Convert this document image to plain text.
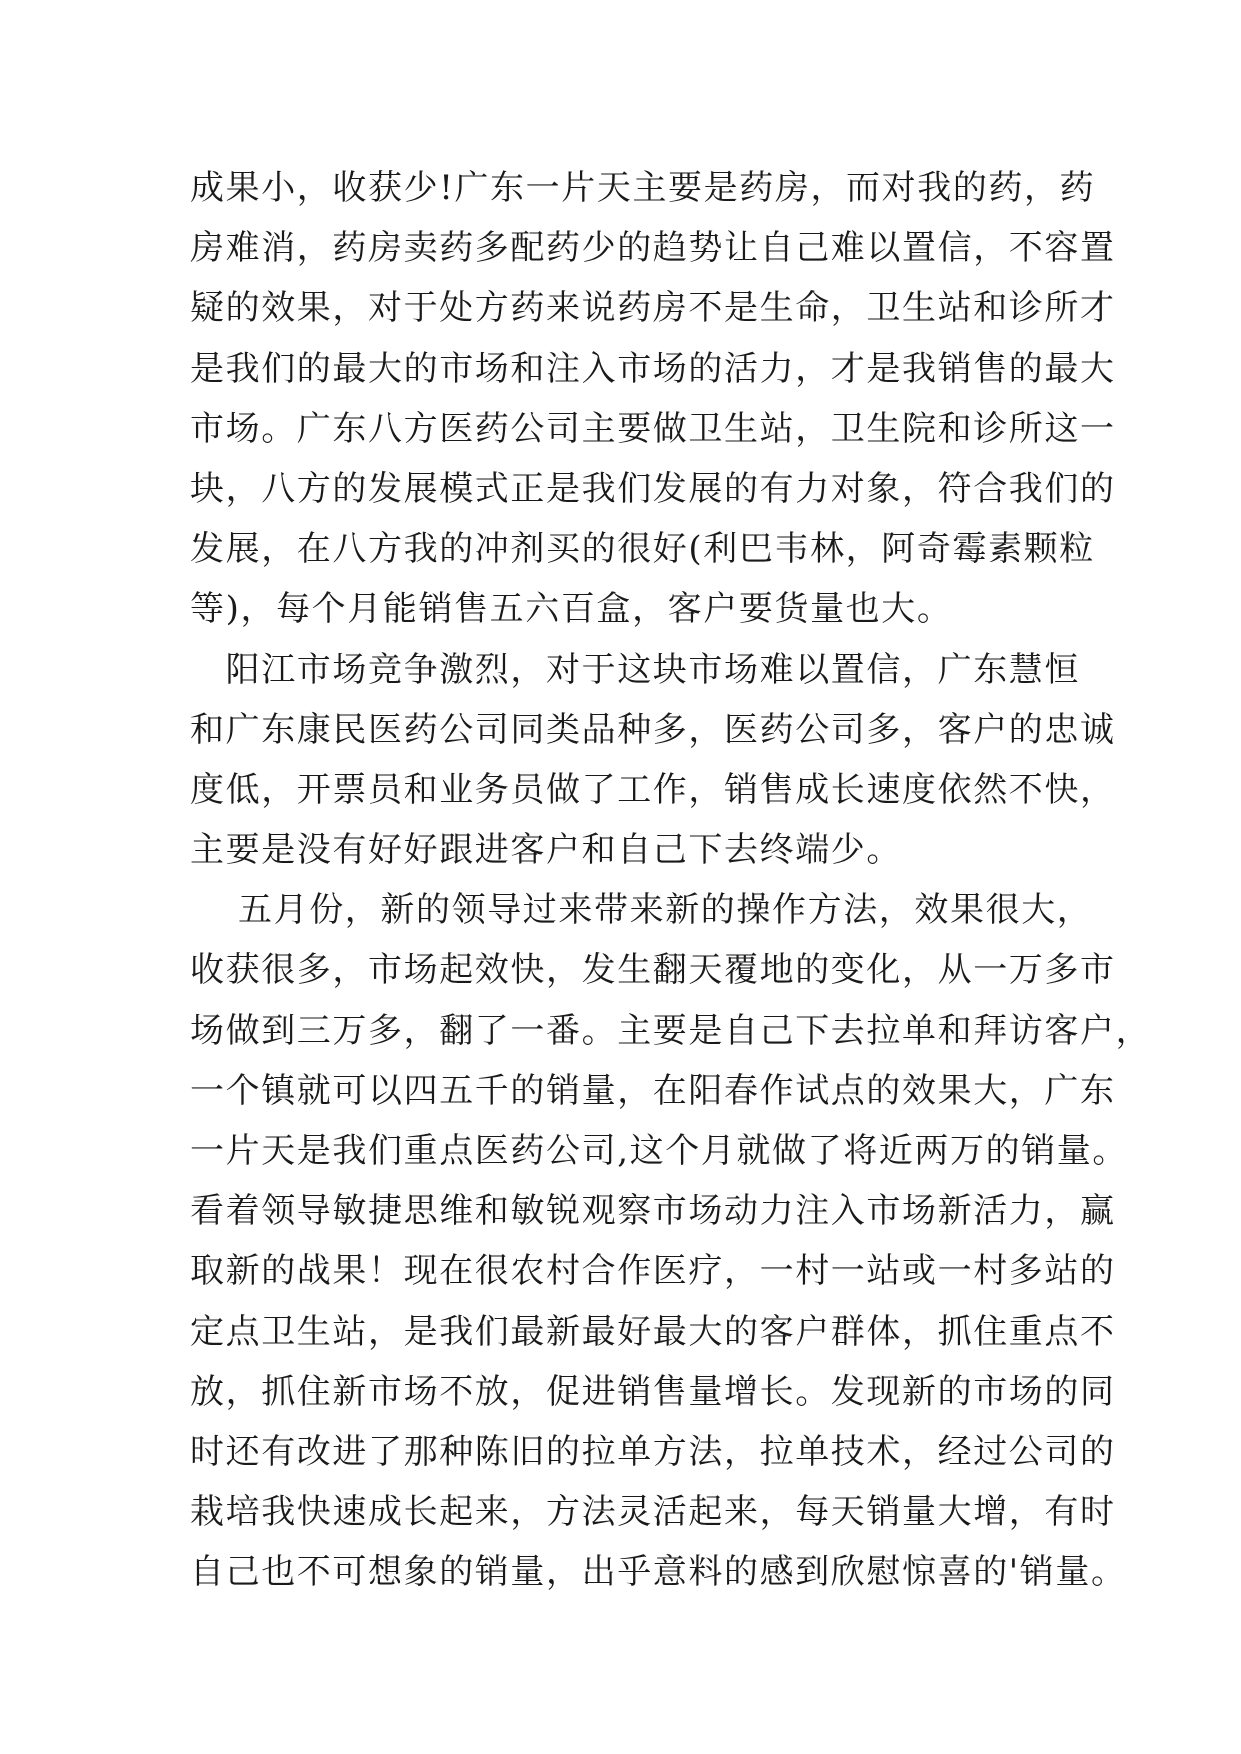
成果小，收获少!广东一片天主要是药房，而对我的药，药
房难消，药房卖药多配药少的趋势让自己难以置信，不容置
疑的效果，对于处方药来说药房不是生命，卫生站和诊所才
是我们的最大的市场和注入市场的活力，才是我销售的最大
市场。广东八方医药公司主要做卫生站，卫生院和诊所这一
块，八方的发展模式正是我们发展的有力对象，符合我们的
发展，在八方我的冲剂买的很好(利巴韦林，阿奇霉素颗粒
等)，每个月能销售五六百盒，客户要货量也大。
　阳江市场竞争激烈，对于这块市场难以置信，广东慧恒
和广东康民医药公司同类品种多，医药公司多，客户的忠诚
度低，开票员和业务员做了工作，销售成长速度依然不快，
主要是没有好好跟进客户和自己下去终端少。
　 五月份，新的领导过来带来新的操作方法，效果很大，
收获很多，市场起效快，发生翻天覆地的变化，从一万多市
场做到三万多，翻了一番。主要是自己下去拉单和拜访客户，
一个镇就可以四五千的销量，在阳春作试点的效果大，广东
一片天是我们重点医药公司,这个月就做了将近两万的销量。
看着领导敏捷思维和敏锐观察市场动力注入市场新活力，赢
取新的战果！现在很农村合作医疗，一村一站或一村多站的
定点卫生站，是我们最新最好最大的客户群体，抓住重点不
放，抓住新市场不放，促进销售量增长。发现新的市场的同
时还有改进了那种陈旧的拉单方法，拉单技术，经过公司的
栽培我快速成长起来，方法灵活起来，每天销量大增，有时
自己也不可想象的销量，出乎意料的感到欣慰惊喜的'销量。
